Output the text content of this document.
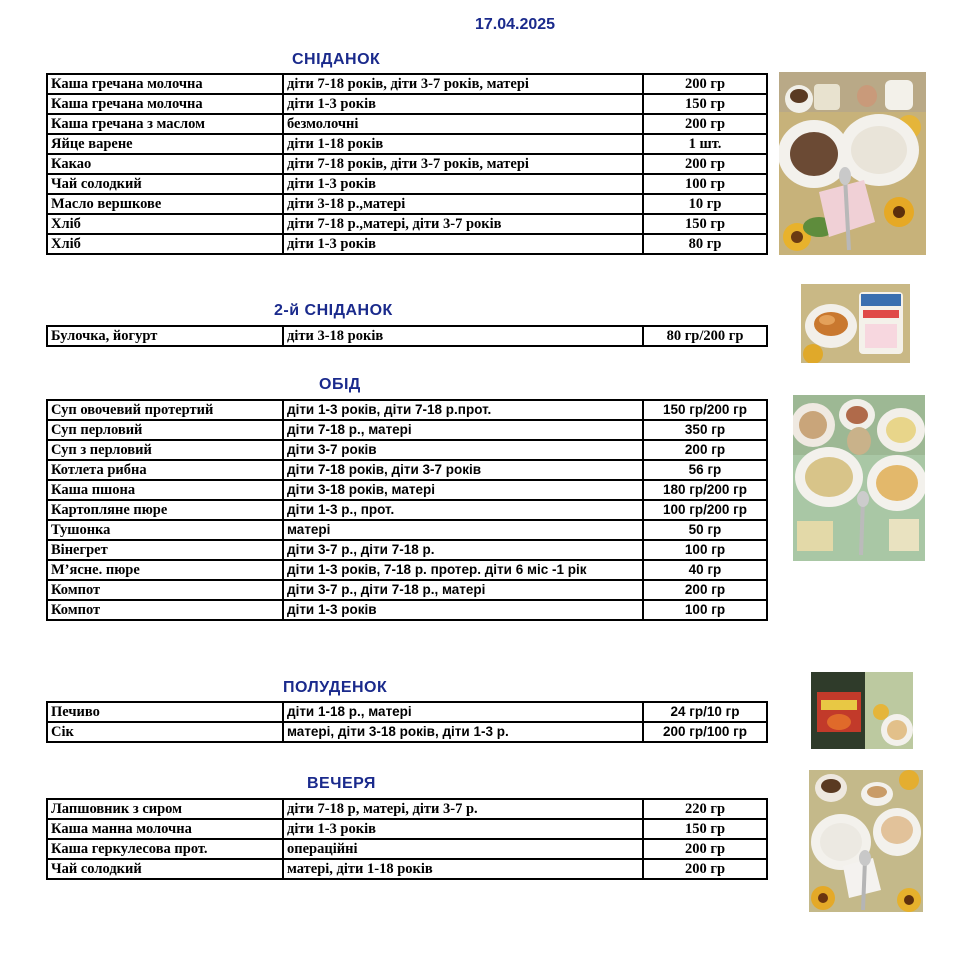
17.04.2025
СНІДАНОК
Каша гречана молочна	діти 7-18 років, діти 3-7 років, матері	200 гр
Каша гречана молочна	діти 1-3 років	150 гр
Каша гречана з маслом	безмолочні	200 гр
Яйце варене	діти 1-18 років	1 шт.
Какао	діти 7-18 років, діти 3-7 років, матері	200 гр
Чай солодкий	діти 1-3 років	100 гр
Масло вершкове	діти 3-18 р.,матері	10 гр
Хліб	діти 7-18 р.,матері, діти 3-7 років	150 гр
Хліб	діти 1-3 років	80 гр
2-й СНІДАНОК
Булочка, йогурт	діти 3-18 років	80 гр/200 гр
ОБІД
Суп овочевий протертий	діти 1-3 років, діти 7-18 р.прот.	150 гр/200 гр
Суп перловий	діти 7-18 р., матері	350 гр
Суп з перловий	діти 3-7 років	200 гр
Котлета рибна	діти 7-18 років, діти 3-7 років	56 гр
Каша пшона	діти 3-18 років, матері	180 гр/200 гр
Картопляне пюре	діти 1-3 р., прот.	100 гр/200 гр
Тушонка	матері	50 гр
Вінегрет	діти 3-7 р., діти 7-18 р.	100 гр
М’ясне. пюре	діти 1-3 років, 7-18 р. протер. діти 6 міс -1 рік	40 гр
Компот	діти 3-7 р., діти 7-18 р., матері	200 гр
Компот	діти 1-3 років	100 гр
ПОЛУДЕНОК
Печиво	діти 1-18 р., матері	24 гр/10 гр
Сік	матері, діти 3-18 років, діти 1-3 р.	200 гр/100 гр
ВЕЧЕРЯ
Лапшовник з сиром	діти 7-18 р, матері, діти 3-7 р.	220 гр
Каша манна молочна	діти 1-3 років	150 гр
Каша геркулесова прот.	операційні	200 гр
Чай солодкий	матері, діти 1-18 років	200 гр
